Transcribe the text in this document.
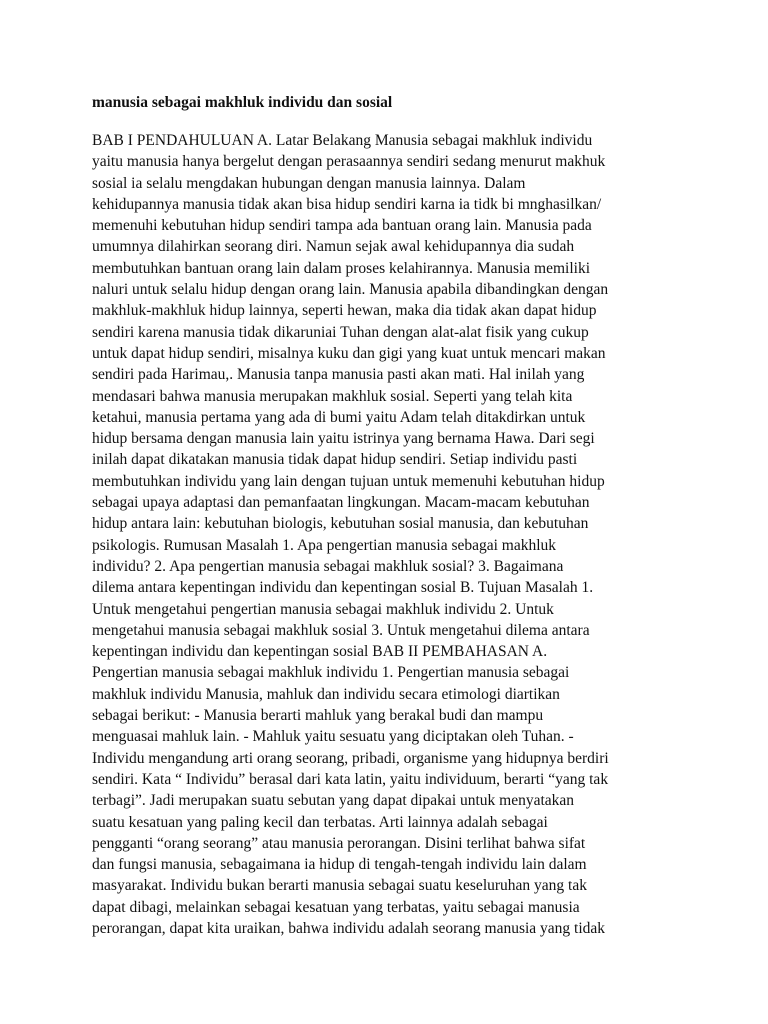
manusia sebagai makhluk individu dan sosial
BAB I PENDAHULUAN A. Latar Belakang Manusia sebagai makhluk individu
yaitu manusia hanya bergelut dengan perasaannya sendiri sedang menurut makhuk
sosial ia selalu mengdakan hubungan dengan manusia lainnya. Dalam
kehidupannya manusia tidak akan bisa hidup sendiri karna ia tidk bi mnghasilkan/
memenuhi kebutuhan hidup sendiri tampa ada bantuan orang lain. Manusia pada
umumnya dilahirkan seorang diri. Namun sejak awal kehidupannya dia sudah
membutuhkan bantuan orang lain dalam proses kelahirannya. Manusia memiliki
naluri untuk selalu hidup dengan orang lain. Manusia apabila dibandingkan dengan
makhluk-makhluk hidup lainnya, seperti hewan, maka dia tidak akan dapat hidup
sendiri karena manusia tidak dikaruniai Tuhan dengan alat-alat fisik yang cukup
untuk dapat hidup sendiri, misalnya kuku dan gigi yang kuat untuk mencari makan
sendiri pada Harimau,. Manusia tanpa manusia pasti akan mati. Hal inilah yang
mendasari bahwa manusia merupakan makhluk sosial. Seperti yang telah kita
ketahui, manusia pertama yang ada di bumi yaitu Adam telah ditakdirkan untuk
hidup bersama dengan manusia lain yaitu istrinya yang bernama Hawa. Dari segi
inilah dapat dikatakan manusia tidak dapat hidup sendiri. Setiap individu pasti
membutuhkan individu yang lain dengan tujuan untuk memenuhi kebutuhan hidup
sebagai upaya adaptasi dan pemanfaatan lingkungan. Macam-macam kebutuhan
hidup antara lain: kebutuhan biologis, kebutuhan sosial manusia, dan kebutuhan
psikologis. Rumusan Masalah 1. Apa pengertian manusia sebagai makhluk
individu? 2. Apa pengertian manusia sebagai makhluk sosial? 3. Bagaimana
dilema antara kepentingan individu dan kepentingan sosial B. Tujuan Masalah 1.
Untuk mengetahui pengertian manusia sebagai makhluk individu 2. Untuk
mengetahui manusia sebagai makhluk sosial 3. Untuk mengetahui dilema antara
kepentingan individu dan kepentingan sosial BAB II PEMBAHASAN A.
Pengertian manusia sebagai makhluk individu 1. Pengertian manusia sebagai
makhluk individu Manusia, mahluk dan individu secara etimologi diartikan
sebagai berikut: - Manusia berarti mahluk yang berakal budi dan mampu
menguasai mahluk lain. - Mahluk yaitu sesuatu yang diciptakan oleh Tuhan. -
Individu mengandung arti orang seorang, pribadi, organisme yang hidupnya berdiri
sendiri. Kata “ Individu” berasal dari kata latin, yaitu individuum, berarti “yang tak
terbagi”. Jadi merupakan suatu sebutan yang dapat dipakai untuk menyatakan
suatu kesatuan yang paling kecil dan terbatas. Arti lainnya adalah sebagai
pengganti “orang seorang” atau manusia perorangan. Disini terlihat bahwa sifat
dan fungsi manusia, sebagaimana ia hidup di tengah-tengah individu lain dalam
masyarakat. Individu bukan berarti manusia sebagai suatu keseluruhan yang tak
dapat dibagi, melainkan sebagai kesatuan yang terbatas, yaitu sebagai manusia
perorangan, dapat kita uraikan, bahwa individu adalah seorang manusia yang tidak
